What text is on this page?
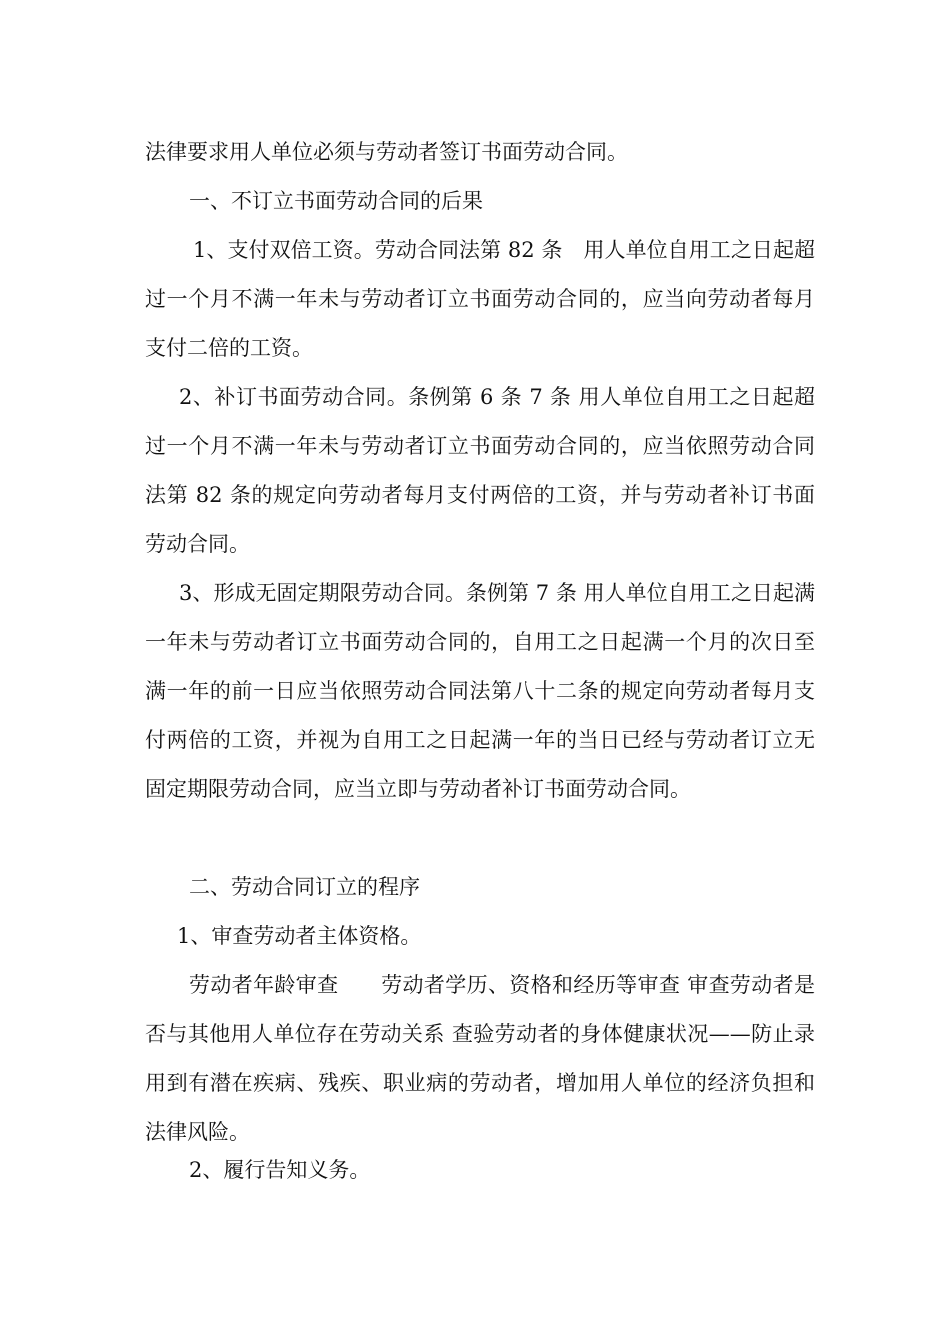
法律要求用人单位必须与劳动者签订书面劳动合同。

一、不订立书面劳动合同的后果

1、支付双倍工资。劳动合同法第 82 条　用人单位自用工之日起超过一个月不满一年未与劳动者订立书面劳动合同的，应当向劳动者每月支付二倍的工资。

2、补订书面劳动合同。条例第 6 条 7 条 用人单位自用工之日起超过一个月不满一年未与劳动者订立书面劳动合同的，应当依照劳动合同法第 82 条的规定向劳动者每月支付两倍的工资，并与劳动者补订书面劳动合同。

3、形成无固定期限劳动合同。条例第 7 条 用人单位自用工之日起满一年未与劳动者订立书面劳动合同的，自用工之日起满一个月的次日至满一年的前一日应当依照劳动合同法第八十二条的规定向劳动者每月支付两倍的工资，并视为自用工之日起满一年的当日已经与劳动者订立无固定期限劳动合同，应当立即与劳动者补订书面劳动合同。

二、劳动合同订立的程序

1、审查劳动者主体资格。

劳动者年龄审查　　劳动者学历、资格和经历等审查 审查劳动者是否与其他用人单位存在劳动关系 查验劳动者的身体健康状况——防止录用到有潜在疾病、残疾、职业病的劳动者，增加用人单位的经济负担和法律风险。

2、履行告知义务。
